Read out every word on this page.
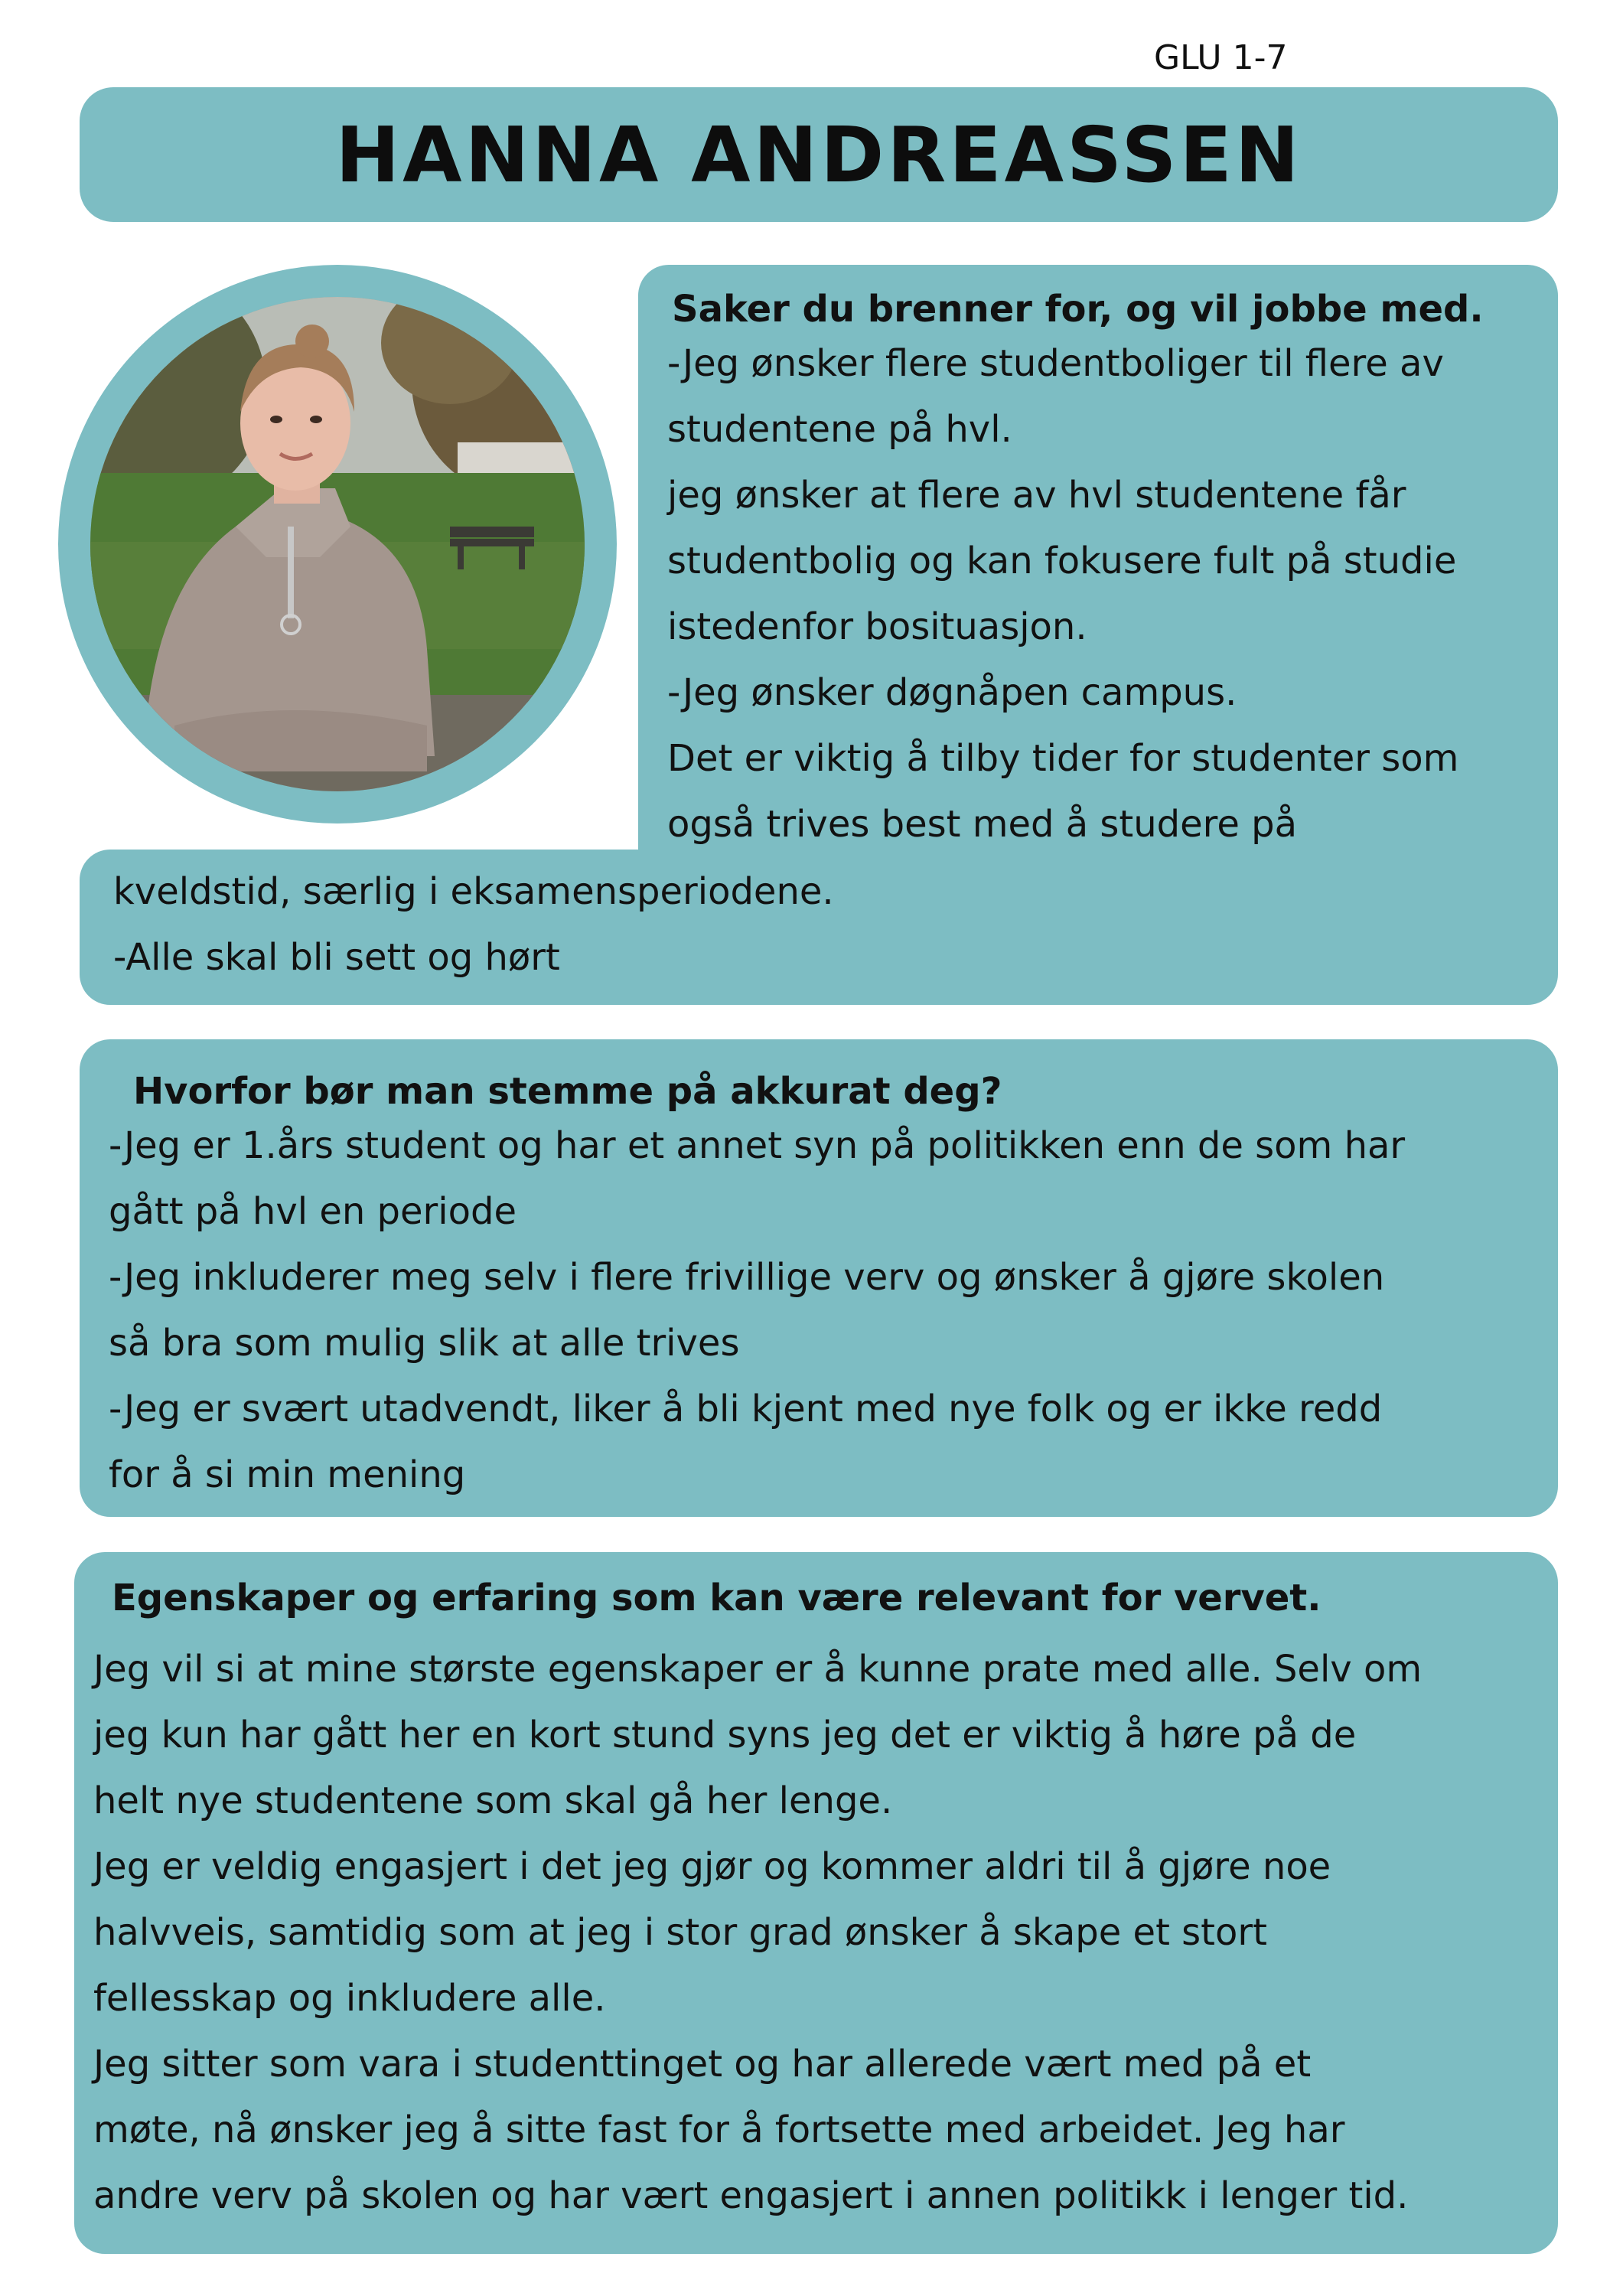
GLU 1-7
HANNA ANDREASSEN
Saker du brenner for, og vil jobbe med.
-Jeg ønsker flere studentboliger til flere av
studentene på hvl.
jeg ønsker at flere av hvl studentene får
studentbolig og kan fokusere fult på studie
istedenfor bosituasjon.
-Jeg ønsker døgnåpen campus.
Det er viktig å tilby tider for studenter som
også trives best med å studere på
kveldstid, særlig i eksamensperiodene.
-Alle skal bli sett og hørt
Hvorfor bør man stemme på akkurat deg?
-Jeg er 1.års student og har et annet syn på politikken enn de som har
gått på hvl en periode
-Jeg inkluderer meg selv i flere frivillige verv og ønsker å gjøre skolen
så bra som mulig slik at alle trives
-Jeg er svært utadvendt, liker å bli kjent med nye folk og er ikke redd
for å si min mening
Egenskaper og erfaring som kan være relevant for vervet.
Jeg vil si at mine største egenskaper er å kunne prate med alle. Selv om
jeg kun har gått her en kort stund syns jeg det er viktig å høre på de
helt nye studentene som skal gå her lenge.
Jeg er veldig engasjert i det jeg gjør og kommer aldri til å gjøre noe
halvveis, samtidig som at jeg i stor grad ønsker å skape et stort
fellesskap og inkludere alle.
Jeg sitter som vara i studenttinget og har allerede vært med på et
møte, nå ønsker jeg å sitte fast for å fortsette med arbeidet. Jeg har
andre verv på skolen og har vært engasjert i annen politikk i lenger tid.
